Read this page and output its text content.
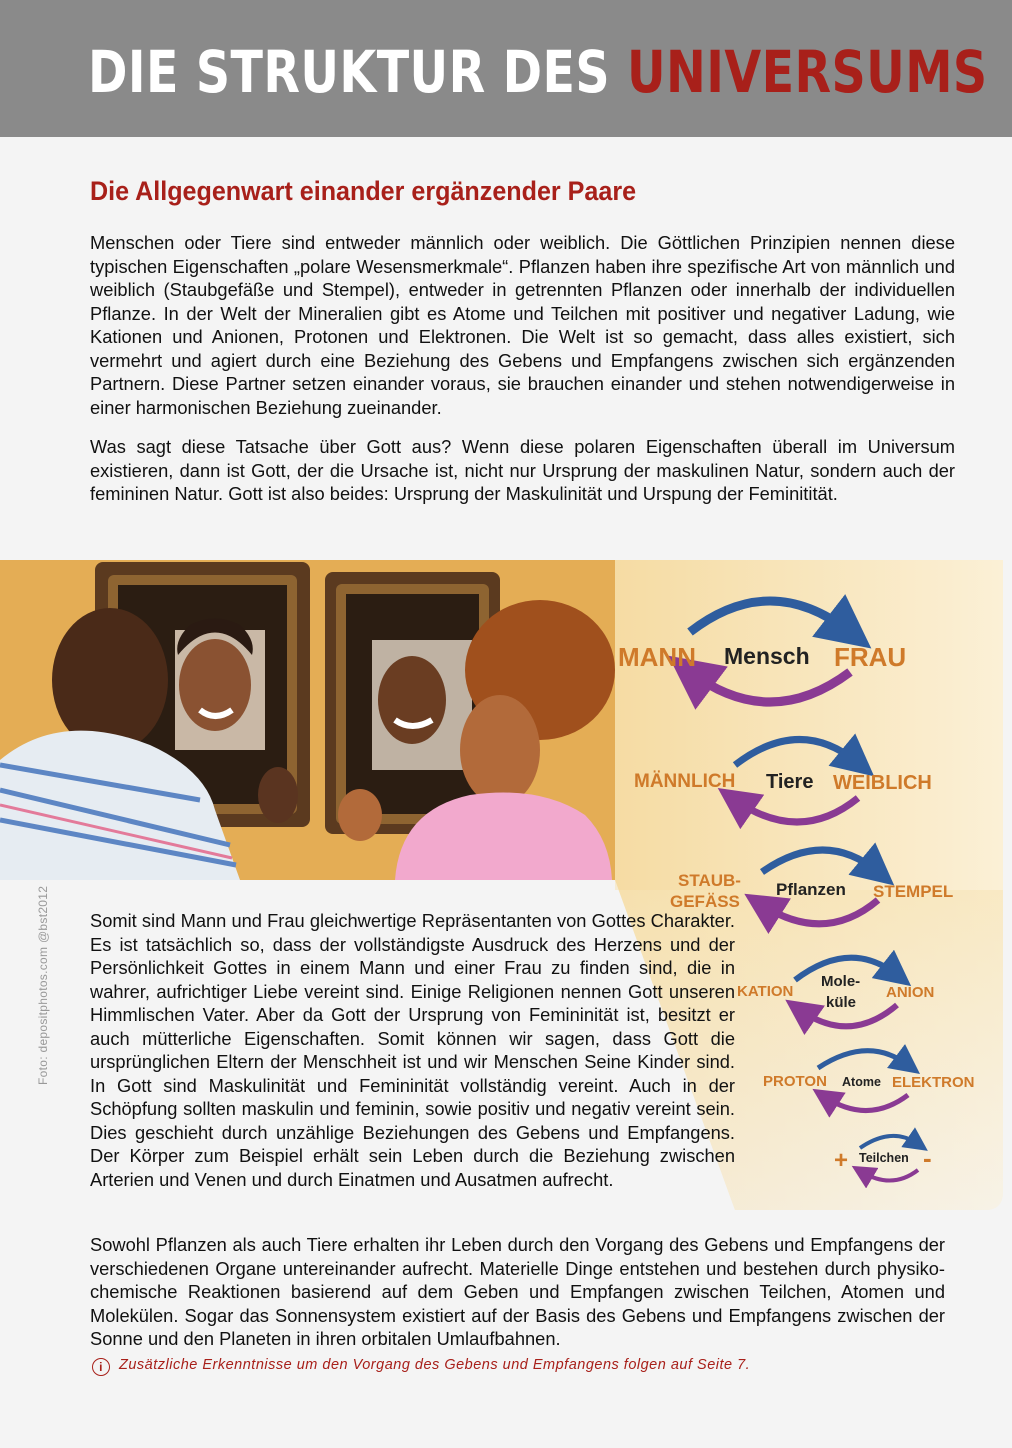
DIE STRUKTUR DES UNIVERSUMS
Die Allgegenwart einander ergänzender Paare

Menschen oder Tiere sind entweder männlich oder weiblich. Die Göttlichen Prinzipien nennen diese typischen Eigenschaften „polare Wesensmerkmale“. Pflanzen haben ihre spezifische Art von männlich und weiblich (Staubgefäße und Stempel), entweder in getrennten Pflanzen oder innerhalb der individuellen Pflanze. In der Welt der Mineralien gibt es Atome und Teilchen mit positiver und negativer Ladung, wie Kationen und Anionen, Protonen und Elektronen. Die Welt ist so gemacht, dass alles existiert, sich vermehrt und agiert durch eine Beziehung des Gebens und Empfangens zwischen sich ergänzenden Partnern. Diese Partner setzen einander voraus, sie brauchen einander und stehen notwendigerweise in einer harmonischen Beziehung zueinander.

Was sagt diese Tatsache über Gott aus? Wenn diese polaren Eigenschaften überall im Universum existieren, dann ist Gott, der die Ursache ist, nicht nur Ursprung der maskulinen Natur, sondern auch der femininen Natur. Gott ist also beides: Ursprung der Maskulinität und Urspung der Feminitität.

MANN Mensch FRAU
MÄNNLICH Tiere WEIBLICH
STAUB-
GEFÄSS
Pflanzen STEMPEL
KATION
Mole-
küle
ANION
PROTON Atome ELEKTRON
+ Teilchen -
Foto: depositphotos.com @bst2012 Somit sind Mann und Frau gleichwertige Repräsentanten von Gottes Charakter. Es ist tatsächlich so, dass der vollständigste Ausdruck des Herzens und der Persönlichkeit Gottes in einem Mann und einer Frau zu finden sind, die in wahrer, aufrichtiger Liebe vereint sind. Einige Religionen nennen Gott unseren Himmlischen Vater. Aber da Gott der Ursprung von Femininität ist, besitzt er auch mütterliche Eigenschaften. Somit können wir sagen, dass Gott die ursprünglichen Eltern der Menschheit ist und wir Menschen Seine Kinder sind. In Gott sind Maskulinität und Femininität vollständig vereint. Auch in der Schöpfung sollten maskulin und feminin, sowie positiv und negativ vereint sein. Dies geschieht durch unzählige Beziehungen des Gebens und Empfangens. Der Körper zum Beispiel erhält sein Leben durch die Beziehung zwischen Arterien und Venen und durch Einatmen und Ausatmen aufrecht.

Sowohl Pflanzen als auch Tiere erhalten ihr Leben durch den Vorgang des Gebens und Empfangens der verschiedenen Organe untereinander aufrecht. Materielle Dinge entstehen und bestehen durch physiko-chemische Reaktionen basierend auf dem Geben und Empfangen zwischen Teilchen, Atomen und Molekülen. Sogar das Sonnensystem existiert auf der Basis des Gebens und Empfangens zwischen der Sonne und den Planeten in ihren orbitalen Umlaufbahnen.

i Zusätzliche Erkenntnisse um den Vorgang des Gebens und Empfangens folgen auf Seite 7.
